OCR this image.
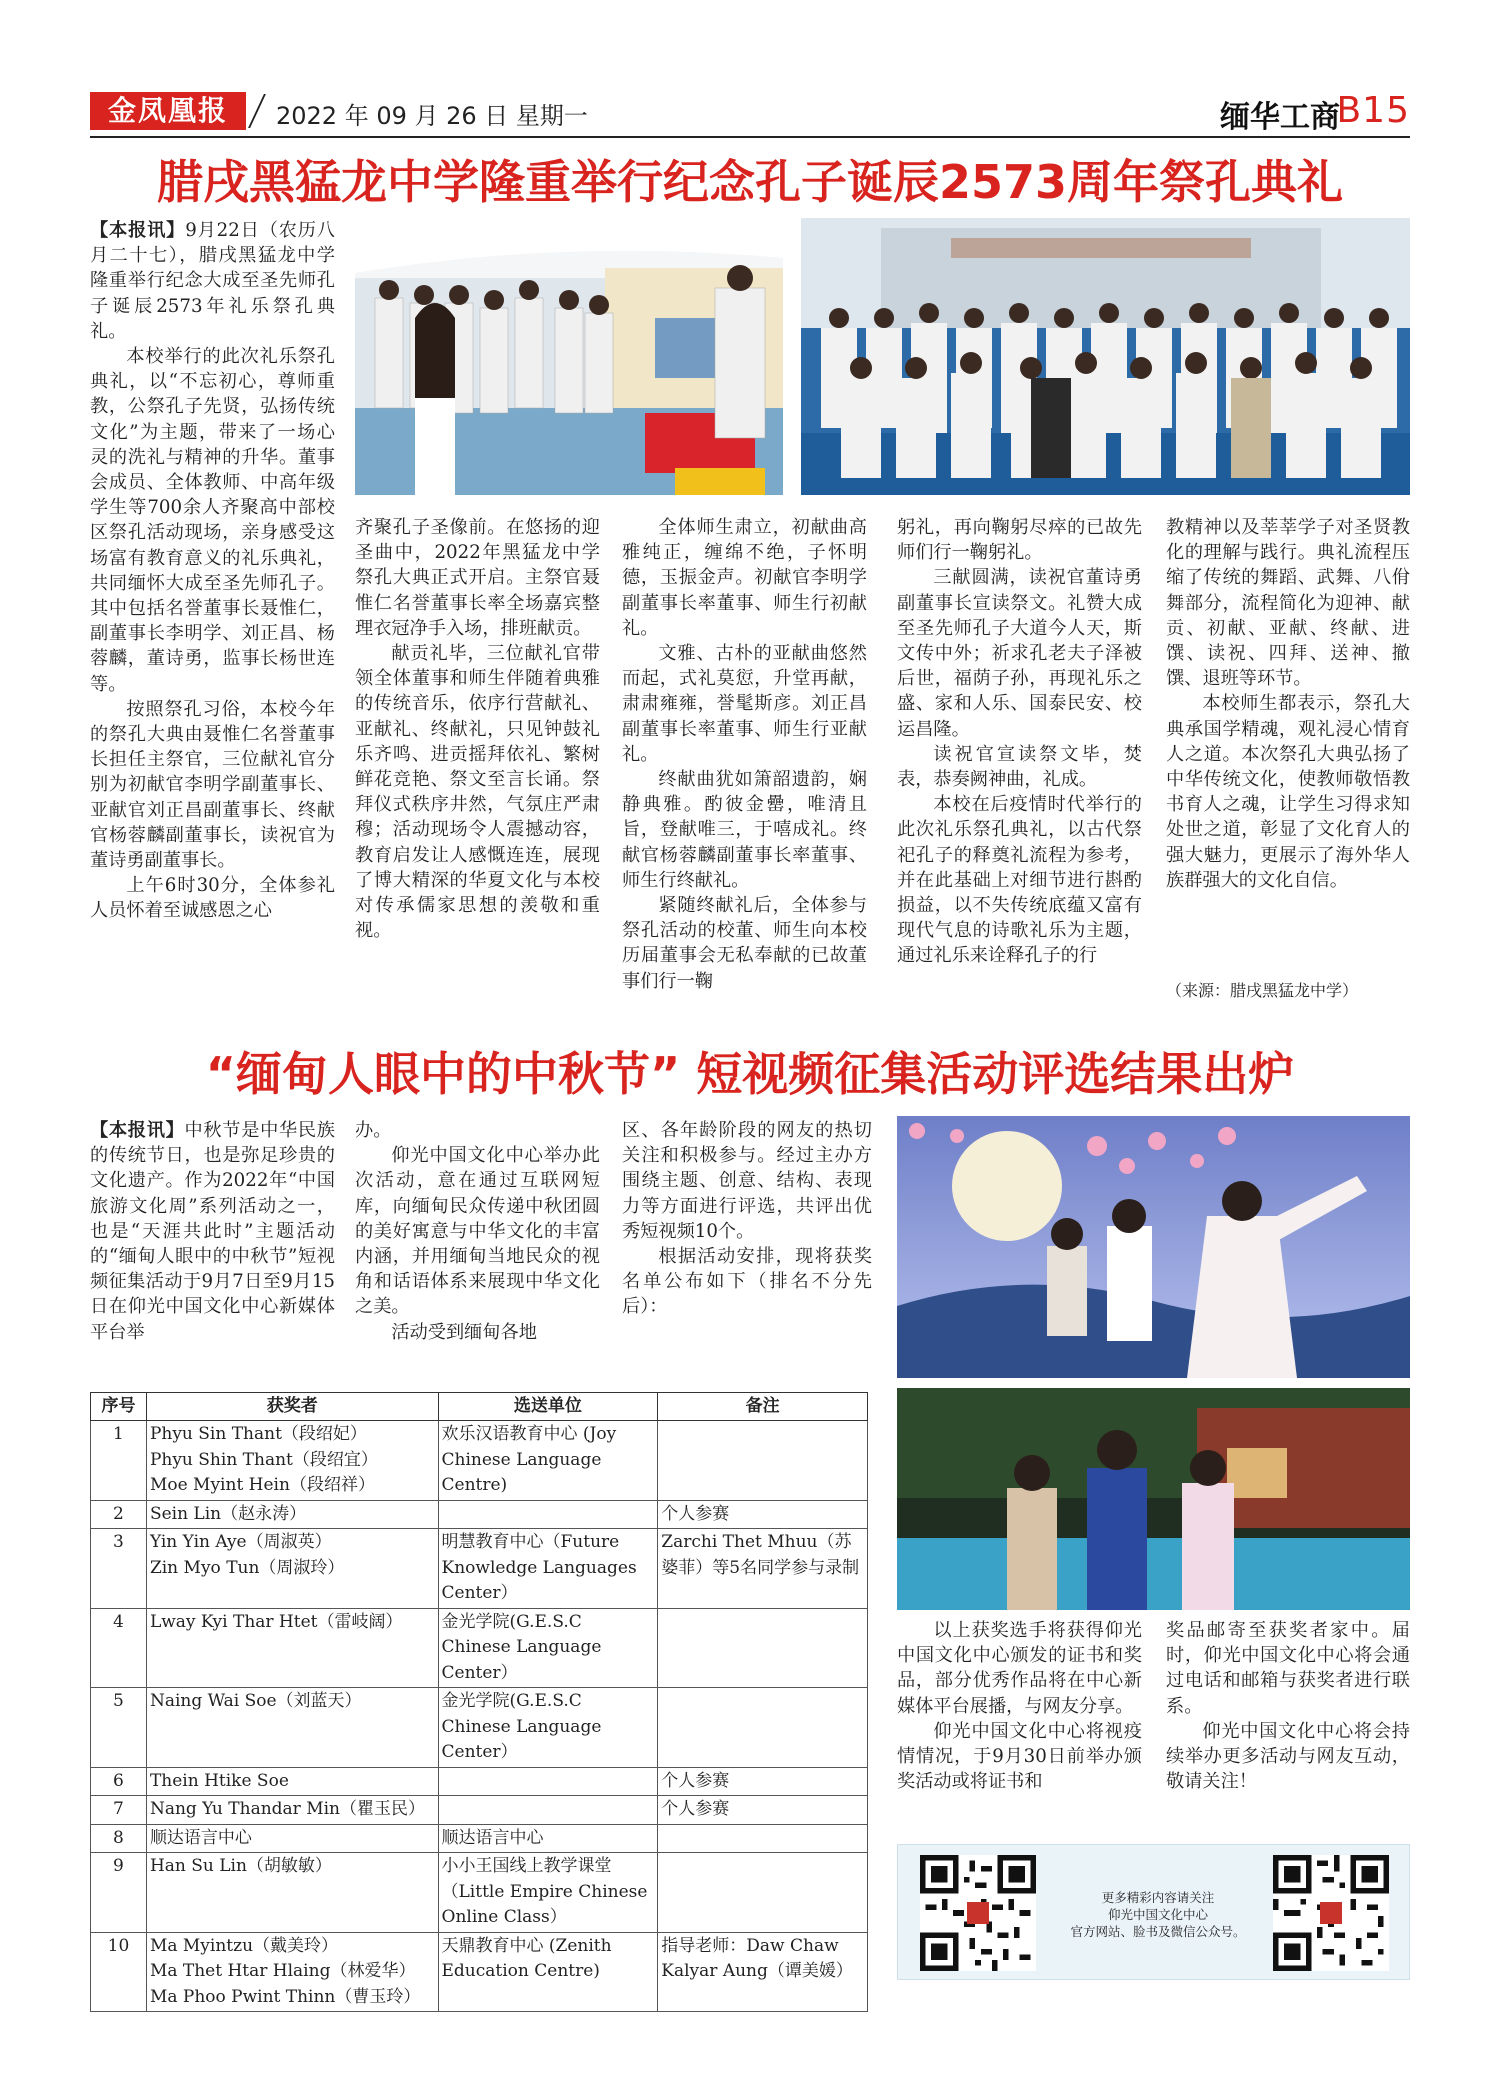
金凤凰报	2022 年 09 月 26 日 星期一	缅华工商
B15
腊戌黑猛龙中学隆重举行纪念孔子诞辰2573周年祭孔典礼

【本报讯】9月22日（农历八月二十七），腊戌黑猛龙中学隆重举行纪念大成至圣先师孔子诞辰2573年礼乐祭孔典礼。

本校举行的此次礼乐祭孔典礼，以“不忘初心，尊师重教，公祭孔子先贤，弘扬传统文化”为主题，带来了一场心灵的洗礼与精神的升华。董事会成员、全体教师、中高年级学生等700余人齐聚高中部校区祭孔活动现场，亲身感受这场富有教育意义的礼乐典礼，共同缅怀大成至圣先师孔子。其中包括名誉董事长聂惟仁，副董事长李明学、刘正昌、杨蓉麟，董诗勇，监事长杨世连等。

按照祭孔习俗，本校今年的祭孔大典由聂惟仁名誉董事长担任主祭官，三位献礼官分别为初献官李明学副董事长、亚献官刘正昌副董事长、终献官杨蓉麟副董事长，读祝官为董诗勇副董事长。

上午6时30分，全体参礼人员怀着至诚感恩之心

齐聚孔子圣像前。在悠扬的迎圣曲中，2022年黑猛龙中学祭孔大典正式开启。主祭官聂惟仁名誉董事长率全场嘉宾整理衣冠净手入场，排班献贡。

献贡礼毕，三位献礼官带领全体董事和师生伴随着典雅的传统音乐，依序行营献礼、亚献礼、终献礼，只见钟鼓礼乐齐鸣、进贡摇拜依礼、繁树鲜花竞艳、祭文至言长诵。祭拜仪式秩序井然，气氛庄严肃穆；活动现场令人震撼动容，教育启发让人感慨连连，展现了博大精深的华夏文化与本校对传承儒家思想的羡敬和重视。

全体师生肃立，初献曲高雅纯正，缠绵不绝，子怀明德，玉振金声。初献官李明学副董事长率董事、师生行初献礼。

文雅、古朴的亚献曲悠然而起，式礼莫愆，升堂再献，肃肃雍雍，誉髦斯彦。刘正昌副董事长率董事、师生行亚献礼。

终献曲犹如箫韶遗韵，娴静典雅。酌彼金罍，唯清且旨，登献唯三，于嘻成礼。终献官杨蓉麟副董事长率董事、师生行终献礼。

紧随终献礼后，全体参与祭孔活动的校董、师生向本校历届董事会无私奉献的已故董事们行一鞠

躬礼，再向鞠躬尽瘁的已故先师们行一鞠躬礼。

三献圆满，读祝官董诗勇副董事长宣读祭文。礼赞大成至圣先师孔子大道今人天，斯文传中外；祈求孔老夫子泽被后世，福荫子孙，再现礼乐之盛、家和人乐、国泰民安、校运昌隆。

读祝官宣读祭文毕，焚表，恭奏阙神曲，礼成。

本校在后疫情时代举行的此次礼乐祭孔典礼，以古代祭祀孔子的释奠礼流程为参考，并在此基础上对细节进行斟酌损益，以不失传统底蕴又富有现代气息的诗歌礼乐为主题，通过礼乐来诠释孔子的行

教精神以及莘莘学子对圣贤教化的理解与践行。典礼流程压缩了传统的舞蹈、武舞、八佾舞部分，流程简化为迎神、献贡、初献、亚献、终献、进馔、读祝、四拜、送神、撤馔、退班等环节。

本校师生都表示，祭孔大典承国学精魂，观礼浸心情育人之道。本次祭孔大典弘扬了中华传统文化，使教师敬悟教书育人之魂，让学生习得求知处世之道，彰显了文化育人的强大魅力，更展示了海外华人族群强大的文化自信。

（来源：腊戌黑猛龙中学）
“缅甸人眼中的中秋节” 短视频征集活动评选结果出炉

【本报讯】中秋节是中华民族的传统节日，也是弥足珍贵的文化遗产。作为2022年“中国旅游文化周”系列活动之一，也是“天涯共此时”主题活动的“缅甸人眼中的中秋节”短视频征集活动于9月7日至9月15日在仰光中国文化中心新媒体平台举

办。

仰光中国文化中心举办此次活动，意在通过互联网短库，向缅甸民众传递中秋团圆的美好寓意与中华文化的丰富内涵，并用缅甸当地民众的视角和话语体系来展现中华文化之美。

活动受到缅甸各地

区、各年龄阶段的网友的热切关注和积极参与。经过主办方围绕主题、创意、结构、表现力等方面进行评选，共评出优秀短视频10个。

根据活动安排，现将获奖名单公布如下（排名不分先后）：

以上获奖选手将获得仰光中国文化中心颁发的证书和奖品，部分优秀作品将在中心新媒体平台展播，与网友分享。

仰光中国文化中心将视疫情情况，于9月30日前举办颁奖活动或将证书和

奖品邮寄至获奖者家中。届时，仰光中国文化中心将会通过电话和邮箱与获奖者进行联系。

仰光中国文化中心将会持续举办更多活动与网友互动，敬请关注！

序号	获奖者	选送单位	备注
1	Phyu Sin Thant（段绍妃）
Phyu Shin Thant（段绍宜）
Moe Myint Hein（段绍祥）	欢乐汉语教育中心 (Joy Chinese Language Centre)	
2	Sein Lin（赵永涛）		个人参赛
3	Yin Yin Aye（周淑英）
Zin Myo Tun（周淑玲）	明慧教育中心（Future Knowledge Languages Center）	Zarchi Thet Mhuu（苏婆菲）等5名同学参与录制
4	Lway Kyi Thar Htet（雷岐阔）	金光学院(G.E.S.C Chinese Language Center）	
5	Naing Wai Soe（刘蓝天）	金光学院(G.E.S.C Chinese Language Center）	
6	Thein Htike Soe		个人参赛
7	Nang Yu Thandar Min（瞿玉民）		个人参赛
8	顺达语言中心	顺达语言中心	
9	Han Su Lin（胡敏敏）	小小王国线上教学课堂（Little Empire Chinese Online Class）	
10	Ma Myintzu（戴美玲）
Ma Thet Htar Hlaing（林爱华）
Ma Phoo Pwint Thinn（曹玉玲）	天鼎教育中心 (Zenith Education Centre)	指导老师：Daw Chaw Kalyar Aung（谭美媛）
更多精彩内容请关注
仰光中国文化中心
官方网站、脸书及微信公众号。
